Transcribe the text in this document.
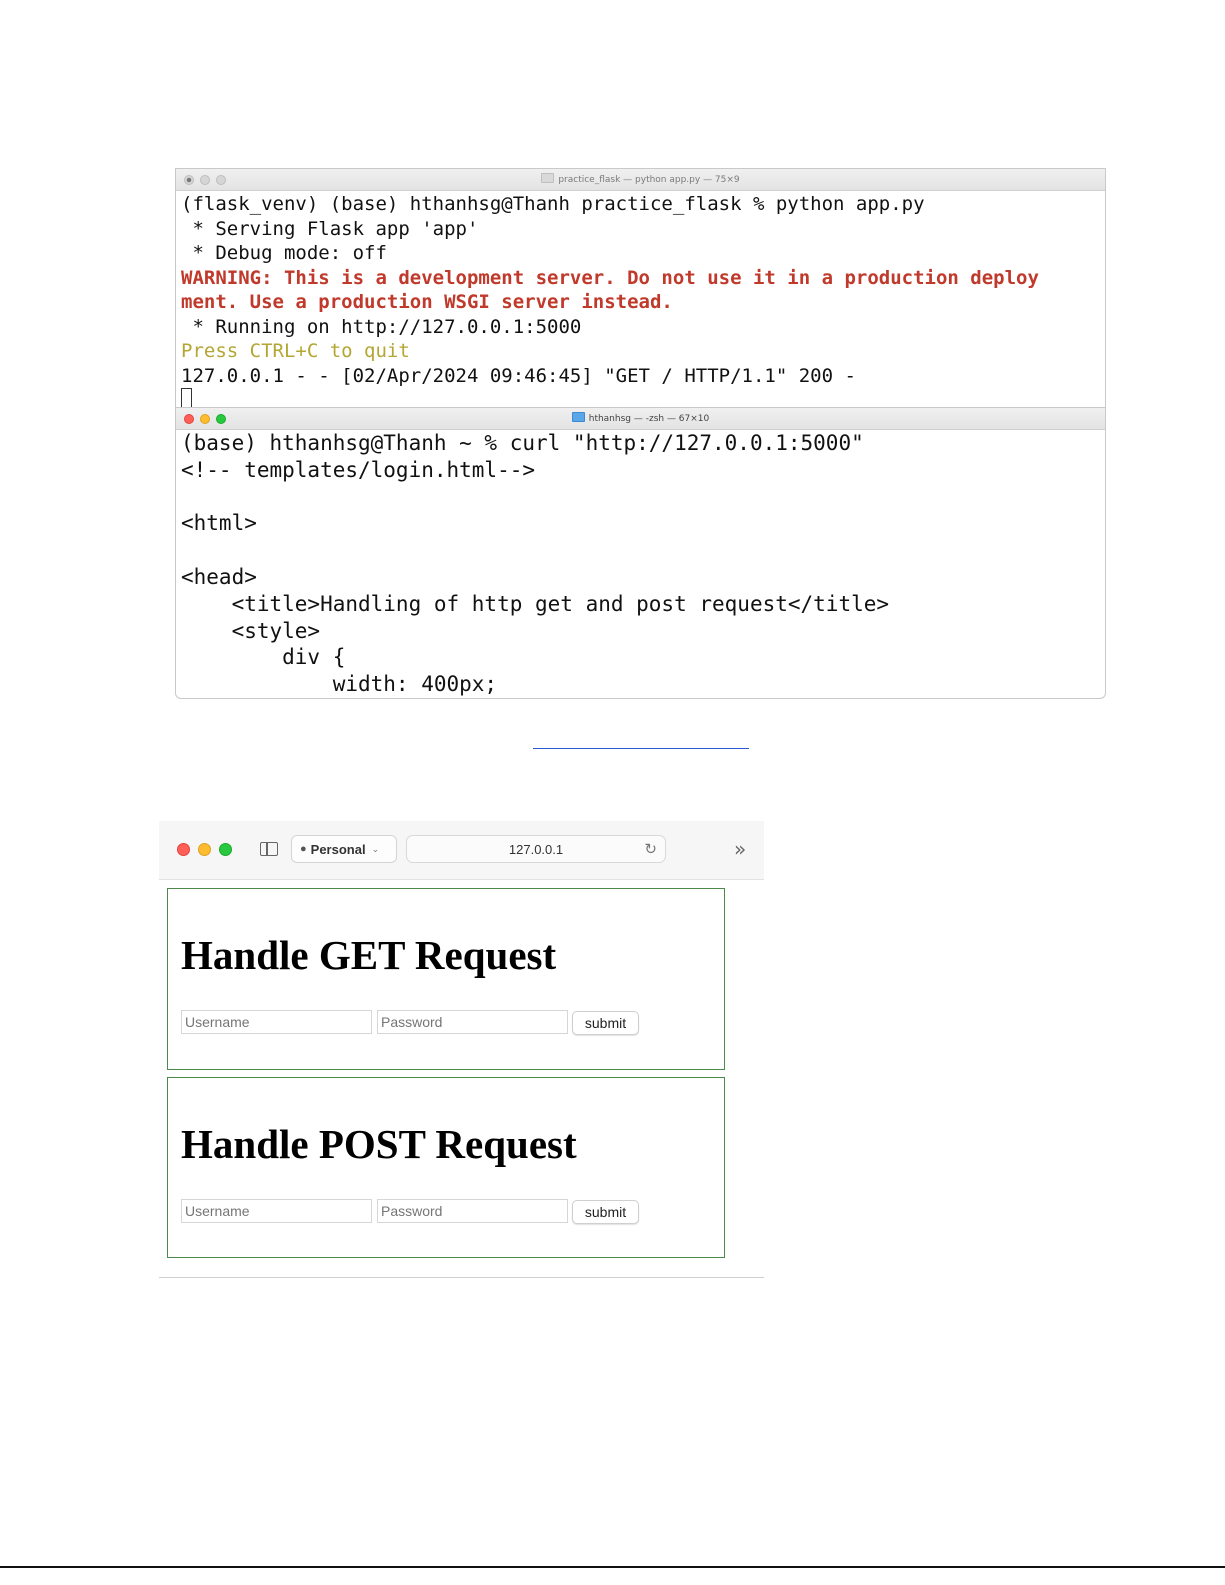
practice_flask — python app.py — 75×9
(flask_venv) (base) hthanhsg@Thanh practice_flask % python app.py
* Serving Flask app 'app'
* Debug mode: off
WARNING: This is a development server. Do not use it in a production deploy
ment. Use a production WSGI server instead.
* Running on http://127.0.0.1:5000
Press CTRL+C to quit
127.0.0.1 - - [02/Apr/2024 09:46:45] "GET / HTTP/1.1" 200 -
hthanhsg — -zsh — 67×10
(base) hthanhsg@Thanh ~ % curl "http://127.0.0.1:5000"
<!-- templates/login.html-->
<html>
<head>
<title>Handling of http get and post request</title>
<style>
div {
width: 400px;
● Personal ⌄	127.0.0.1	↻	»
Handle GET Request
Username
submit
Handle POST Request
Username
submit
